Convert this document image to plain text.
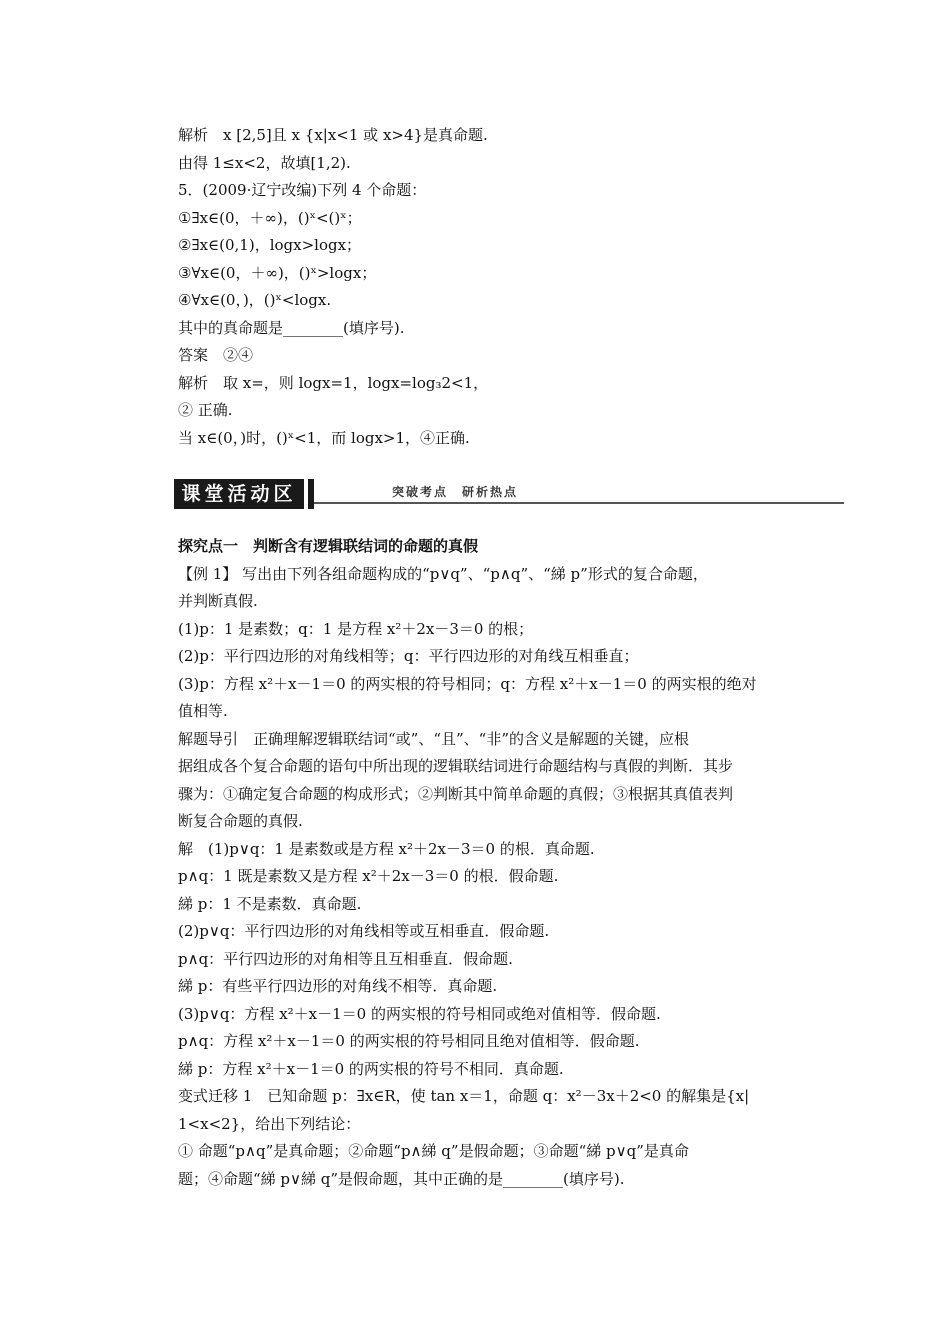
解析　x [2,5]且 x {x|x<1 或 x>4}是真命题.
由得 1≤x<2，故填[1,2).
5．(2009·辽宁改编)下列 4 个命题：
①∃x∈(0，＋∞)，()ˣ<()ˣ；
②∃x∈(0,1)，logx>logx；
③∀x∈(0，＋∞)，()ˣ>logx；
④∀x∈(0，)，()ˣ<logx.
其中的真命题是________(填序号).
答案　②④
解析　取 x=，则 logx=1，logx=log₃2<1，
② 正确.
当 x∈(0，)时，()ˣ<1，而 logx>1，④正确.
课堂活动区	突破考点　研析热点
探究点一　判断含有逻辑联结词的命题的真假
【例 1】 写出由下列各组命题构成的“p∨q”、“p∧q”、“綈 p”形式的复合命题，
并判断真假.
(1)p：1 是素数；q：1 是方程 x²＋2x－3＝0 的根；
(2)p：平行四边形的对角线相等；q：平行四边形的对角线互相垂直；
(3)p：方程 x²＋x－1＝0 的两实根的符号相同；q：方程 x²＋x－1＝0 的两实根的绝对
值相等.
解题导引　正确理解逻辑联结词“或”、“且”、“非”的含义是解题的关键，应根
据组成各个复合命题的语句中所出现的逻辑联结词进行命题结构与真假的判断．其步
骤为：①确定复合命题的构成形式；②判断其中简单命题的真假；③根据其真值表判
断复合命题的真假.
解　(1)p∨q：1 是素数或是方程 x²＋2x－3＝0 的根．真命题.
p∧q：1 既是素数又是方程 x²＋2x－3＝0 的根．假命题.
綈 p：1 不是素数．真命题.
(2)p∨q：平行四边形的对角线相等或互相垂直．假命题.
p∧q：平行四边形的对角相等且互相垂直．假命题.
綈 p：有些平行四边形的对角线不相等．真命题.
(3)p∨q：方程 x²＋x－1＝0 的两实根的符号相同或绝对值相等．假命题.
p∧q：方程 x²＋x－1＝0 的两实根的符号相同且绝对值相等．假命题.
綈 p：方程 x²＋x－1＝0 的两实根的符号不相同．真命题.
变式迁移 1　已知命题 p：∃x∈R，使 tan x＝1，命题 q：x²－3x＋2<0 的解集是{x|
1<x<2}，给出下列结论：
① 命题“p∧q”是真命题；②命题“p∧綈 q”是假命题；③命题“綈 p∨q”是真命
题；④命题“綈 p∨綈 q”是假命题，其中正确的是________(填序号).
